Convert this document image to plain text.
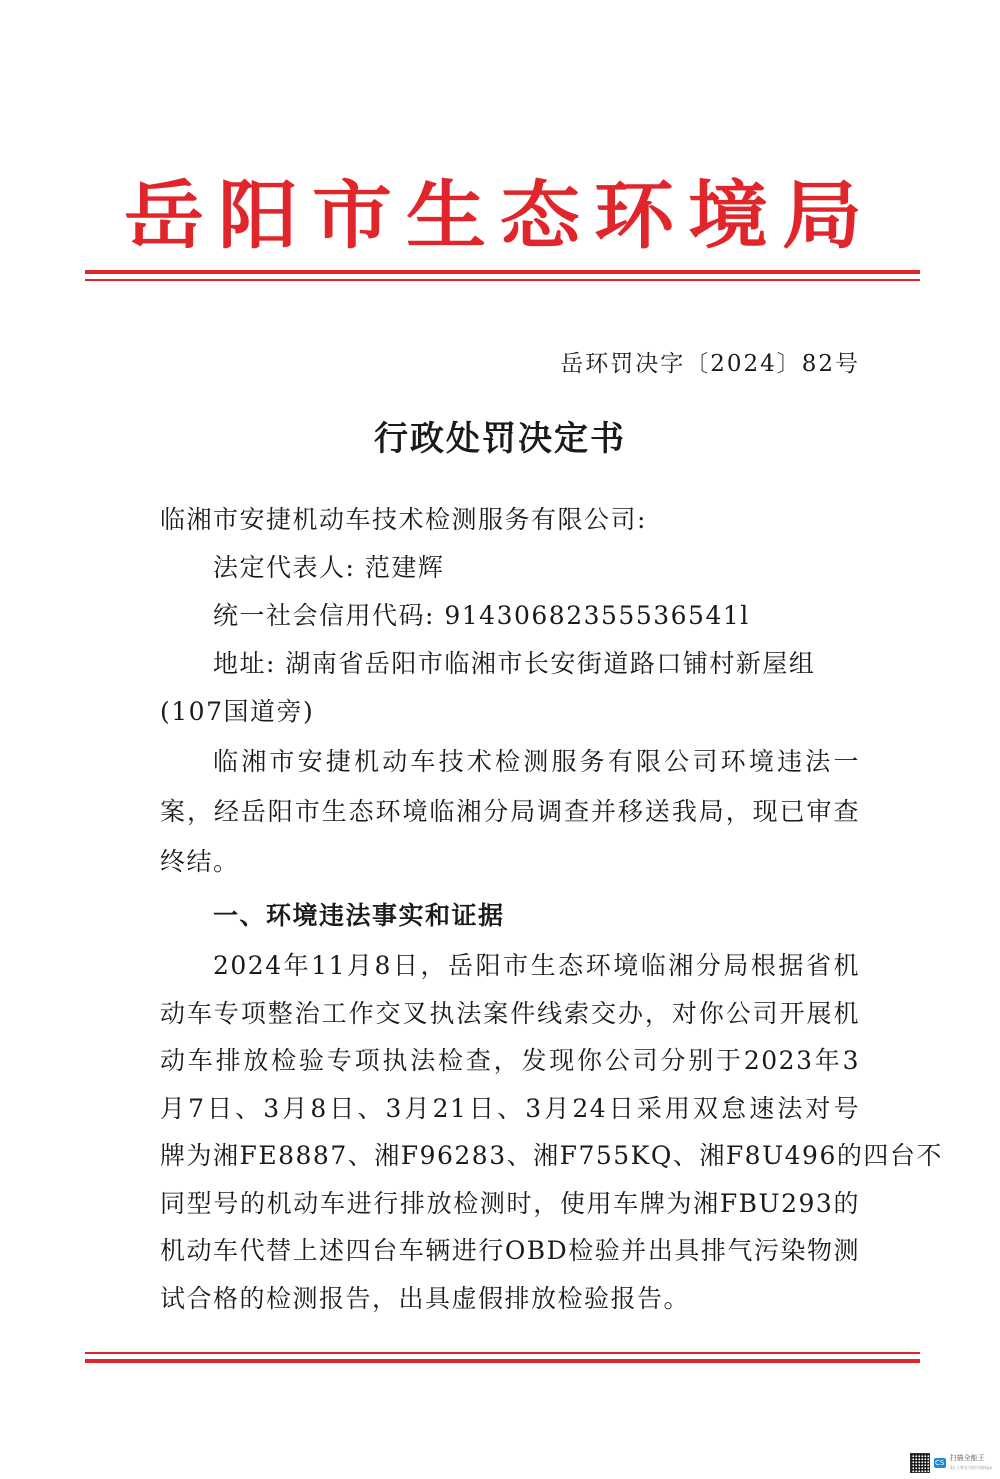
岳阳市生态环境局
岳环罚决字〔2024〕82号
行政处罚决定书
临湘市安捷机动车技术检测服务有限公司:
法定代表人: 范建辉
统一社会信用代码: 91430682355536541l
地址: 湖南省岳阳市临湘市长安街道路口铺村新屋组
(107国道旁)
临湘市安捷机动车技术检测服务有限公司环境违法一
案，经岳阳市生态环境临湘分局调查并移送我局，现已审查
终结。
一、环境违法事实和证据
2024年11月8日，岳阳市生态环境临湘分局根据省机
动车专项整治工作交叉执法案件线索交办，对你公司开展机
动车排放检验专项执法检查，发现你公司分别于2023年3
月7日、3月8日、3月21日、3月24日采用双怠速法对号
牌为湘FE8887、湘F96283、湘F755KQ、湘F8U496的四台不
同型号的机动车进行排放检测时，使用车牌为湘FBU293的
机动车代替上述四台车辆进行OBD检验并出具排气污染物测
试合格的检测报告，出具虚假排放检验报告。
CS
扫描全能王
3亿人都在用的扫描App
